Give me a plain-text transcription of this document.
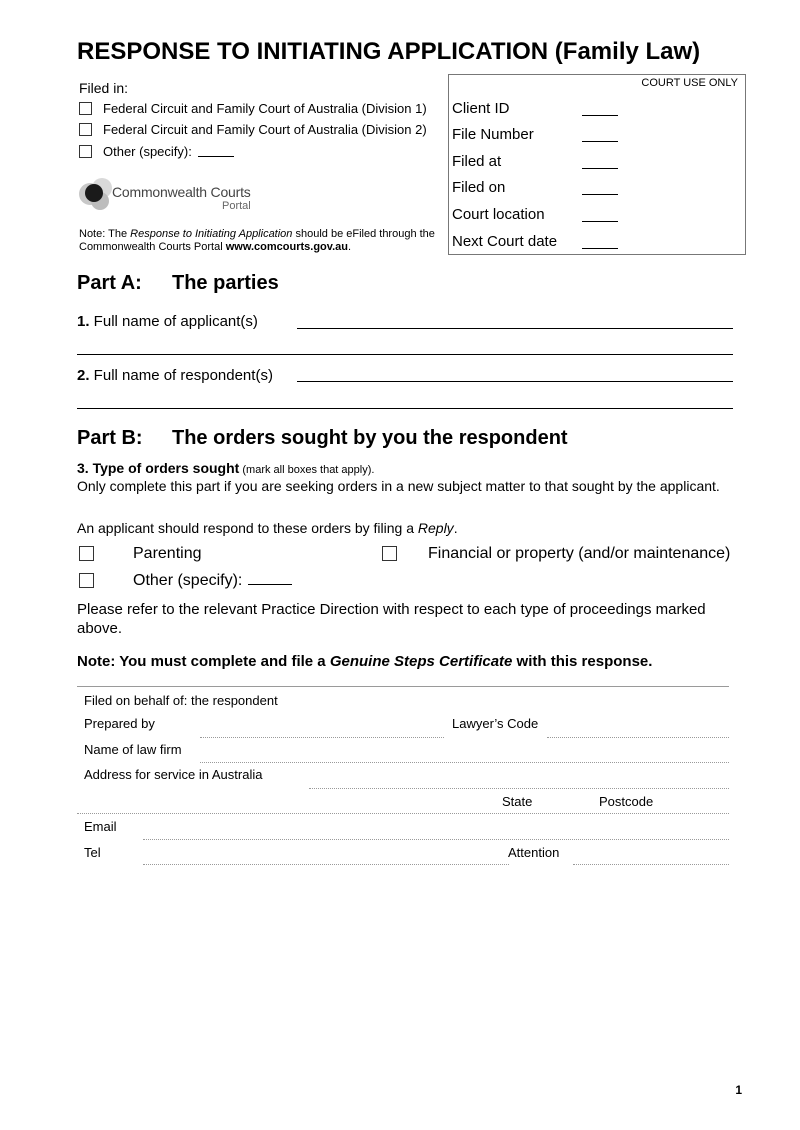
RESPONSE TO INITIATING APPLICATION (Family Law)
Filed in:
Federal Circuit and Family Court of Australia (Division 1)
Federal Circuit and Family Court of Australia (Division 2)
Other (specify):
Commonwealth Courts
Portal
Note: The Response to Initiating Application should be eFiled through the Commonwealth Courts Portal www.comcourts.gov.au.
COURT USE ONLY
Client ID
File Number
Filed at
Filed on
Court location
Next Court date
Part A: The parties
1. Full name of applicant(s)
2. Full name of respondent(s)
Part B: The orders sought by you the respondent
3. Type of orders sought (mark all boxes that apply).
Only complete this part if you are seeking orders in a new subject matter to that sought by the applicant.
An applicant should respond to these orders by filing a Reply.
Parenting	Financial or property (and/or maintenance)
Other (specify):
Please refer to the relevant Practice Direction with respect to each type of proceedings marked above.
Note: You must complete and file a Genuine Steps Certificate with this response.
Filed on behalf of: the respondent
Prepared by	Lawyer’s Code
Name of law firm
Address for service in Australia
State	Postcode
Email
Tel	Attention
1
